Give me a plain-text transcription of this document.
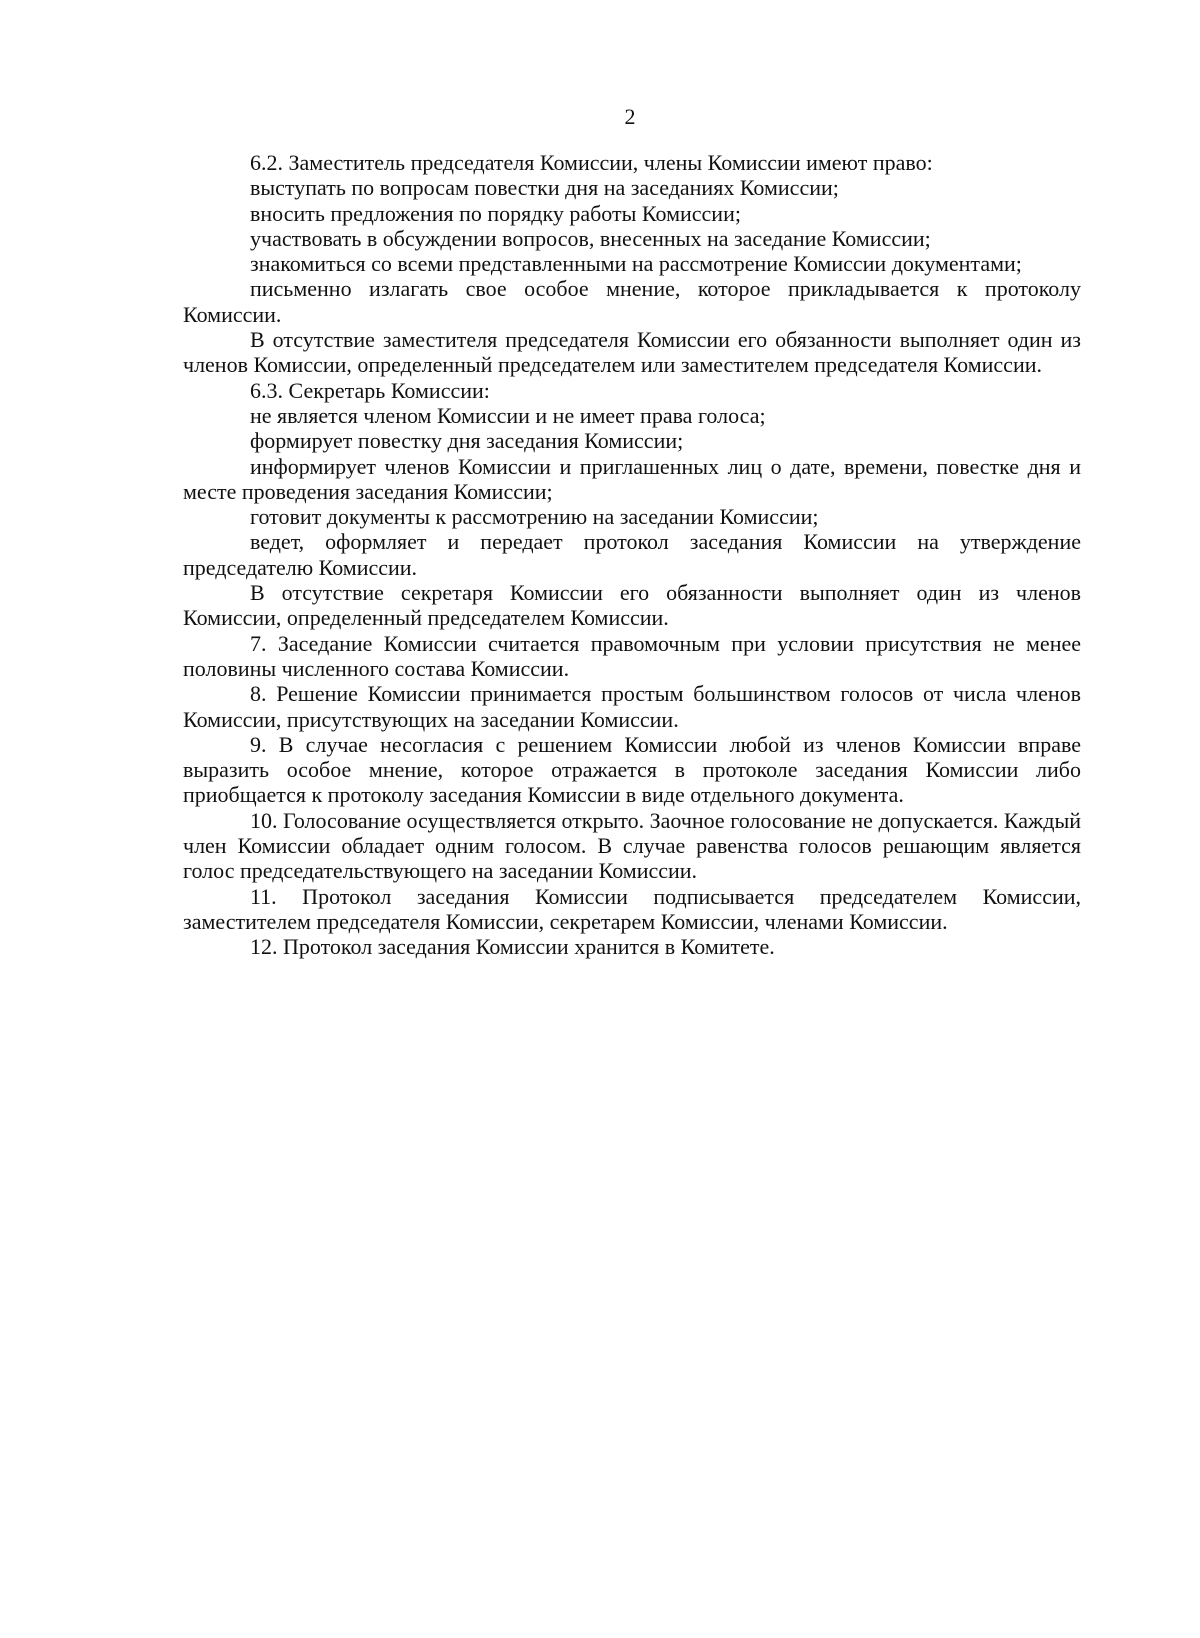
2

6.2. Заместитель председателя Комиссии, члены Комиссии имеют право:

выступать по вопросам повестки дня на заседаниях Комиссии;

вносить предложения по порядку работы Комиссии;

участвовать в обсуждении вопросов, внесенных на заседание Комиссии;

знакомиться со всеми представленными на рассмотрение Комиссии документами;

письменно излагать свое особое мнение, которое прикладывается к протоколу Комиссии.

В отсутствие заместителя председателя Комиссии его обязанности выполняет один из членов Комиссии, определенный председателем или заместителем председателя Комиссии.

6.3. Секретарь Комиссии:

не является членом Комиссии и не имеет права голоса;

формирует повестку дня заседания Комиссии;

информирует членов Комиссии и приглашенных лиц о дате, времени, повестке дня и месте проведения заседания Комиссии;

готовит документы к рассмотрению на заседании Комиссии;

ведет, оформляет и передает протокол заседания Комиссии на утверждение председателю Комиссии.

В отсутствие секретаря Комиссии его обязанности выполняет один из членов Комиссии, определенный председателем Комиссии.

7. Заседание Комиссии считается правомочным при условии присутствия не менее половины численного состава Комиссии.

8. Решение Комиссии принимается простым большинством голосов от числа членов Комиссии, присутствующих на заседании Комиссии.

9. В случае несогласия с решением Комиссии любой из членов Комиссии вправе выразить особое мнение, которое отражается в протоколе заседания Комиссии либо приобщается к протоколу заседания Комиссии в виде отдельного документа.

10. Голосование осуществляется открыто. Заочное голосование не допускается. Каждый член Комиссии обладает одним голосом. В случае равенства голосов решающим является голос председательствующего на заседании Комиссии.

11. Протокол заседания Комиссии подписывается председателем Комиссии, заместителем председателя Комиссии, секретарем Комиссии, членами Комиссии.

12. Протокол заседания Комиссии хранится в Комитете.
